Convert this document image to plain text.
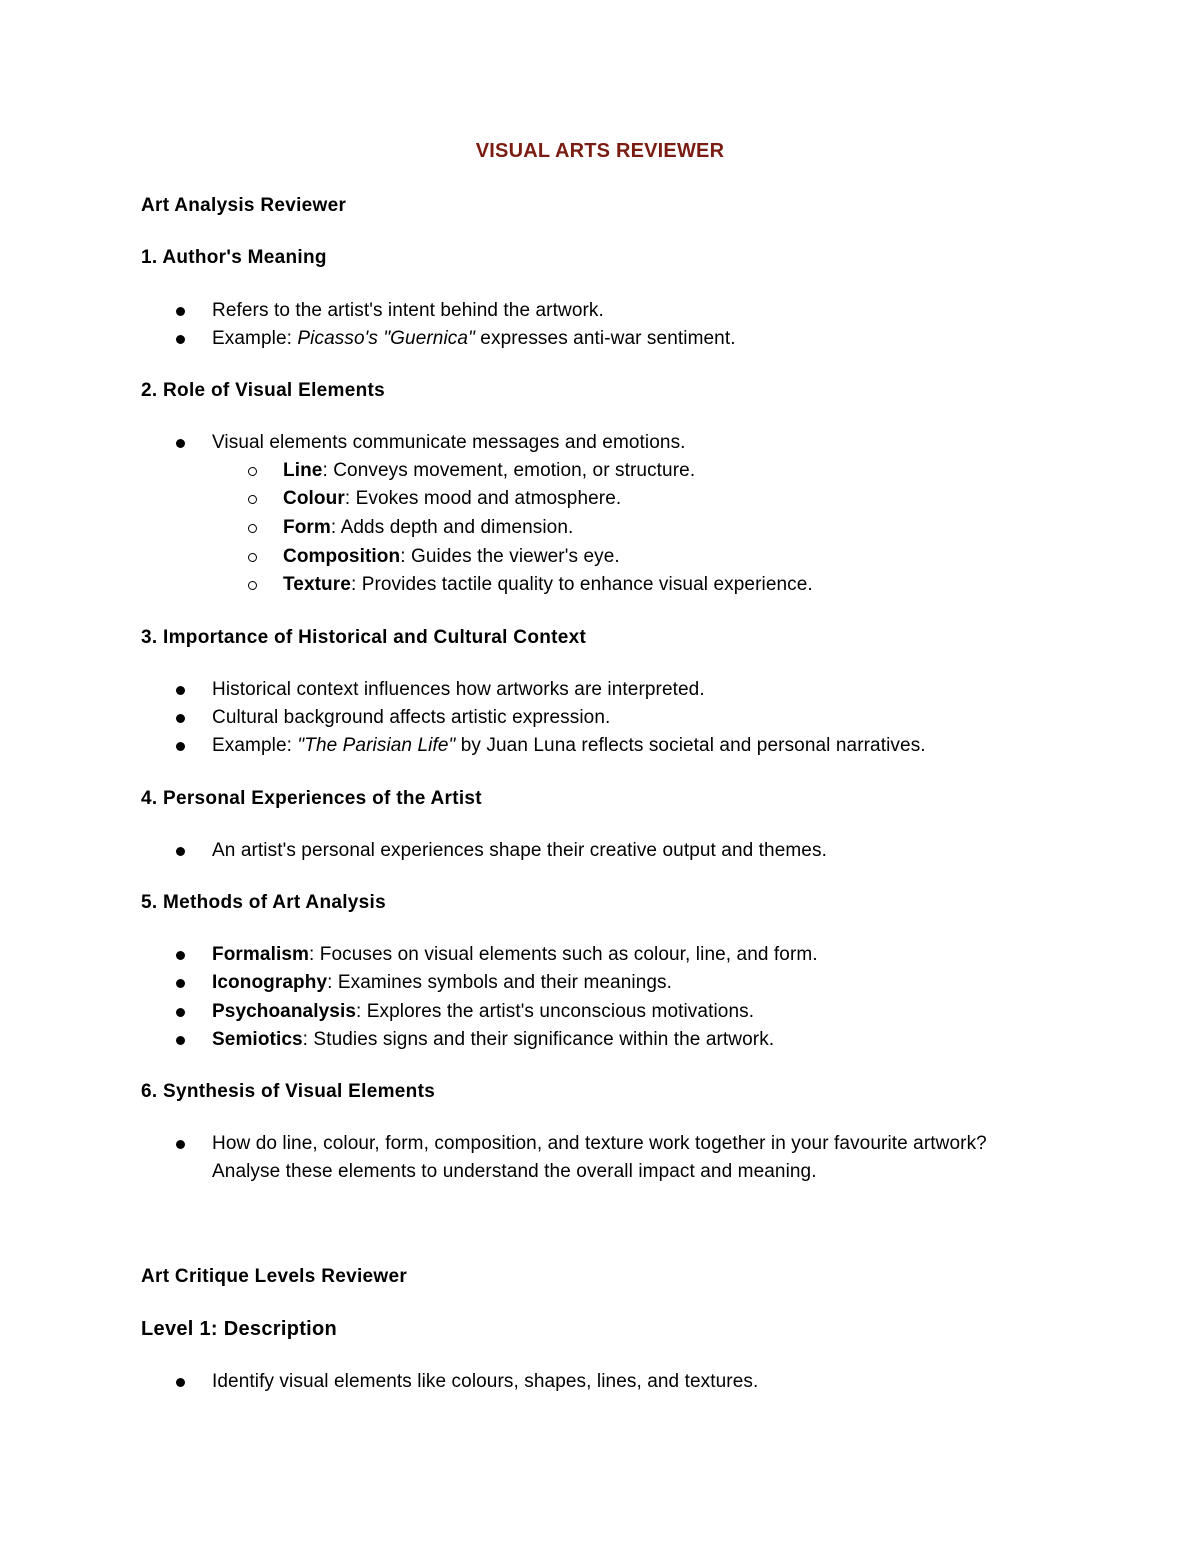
VISUAL ARTS REVIEWER
Art Analysis Reviewer
1. Author's Meaning
Refers to the artist's intent behind the artwork.
Example: Picasso's "Guernica" expresses anti-war sentiment.
2. Role of Visual Elements
Visual elements communicate messages and emotions.
Line: Conveys movement, emotion, or structure.
Colour: Evokes mood and atmosphere.
Form: Adds depth and dimension.
Composition: Guides the viewer's eye.
Texture: Provides tactile quality to enhance visual experience.
3. Importance of Historical and Cultural Context
Historical context influences how artworks are interpreted.
Cultural background affects artistic expression.
Example: "The Parisian Life" by Juan Luna reflects societal and personal narratives.
4. Personal Experiences of the Artist
An artist's personal experiences shape their creative output and themes.
5. Methods of Art Analysis
Formalism: Focuses on visual elements such as colour, line, and form.
Iconography: Examines symbols and their meanings.
Psychoanalysis: Explores the artist's unconscious motivations.
Semiotics: Studies signs and their significance within the artwork.
6. Synthesis of Visual Elements
How do line, colour, form, composition, and texture work together in your favourite artwork? Analyse these elements to understand the overall impact and meaning.
Art Critique Levels Reviewer
Level 1: Description
Identify visual elements like colours, shapes, lines, and textures.
